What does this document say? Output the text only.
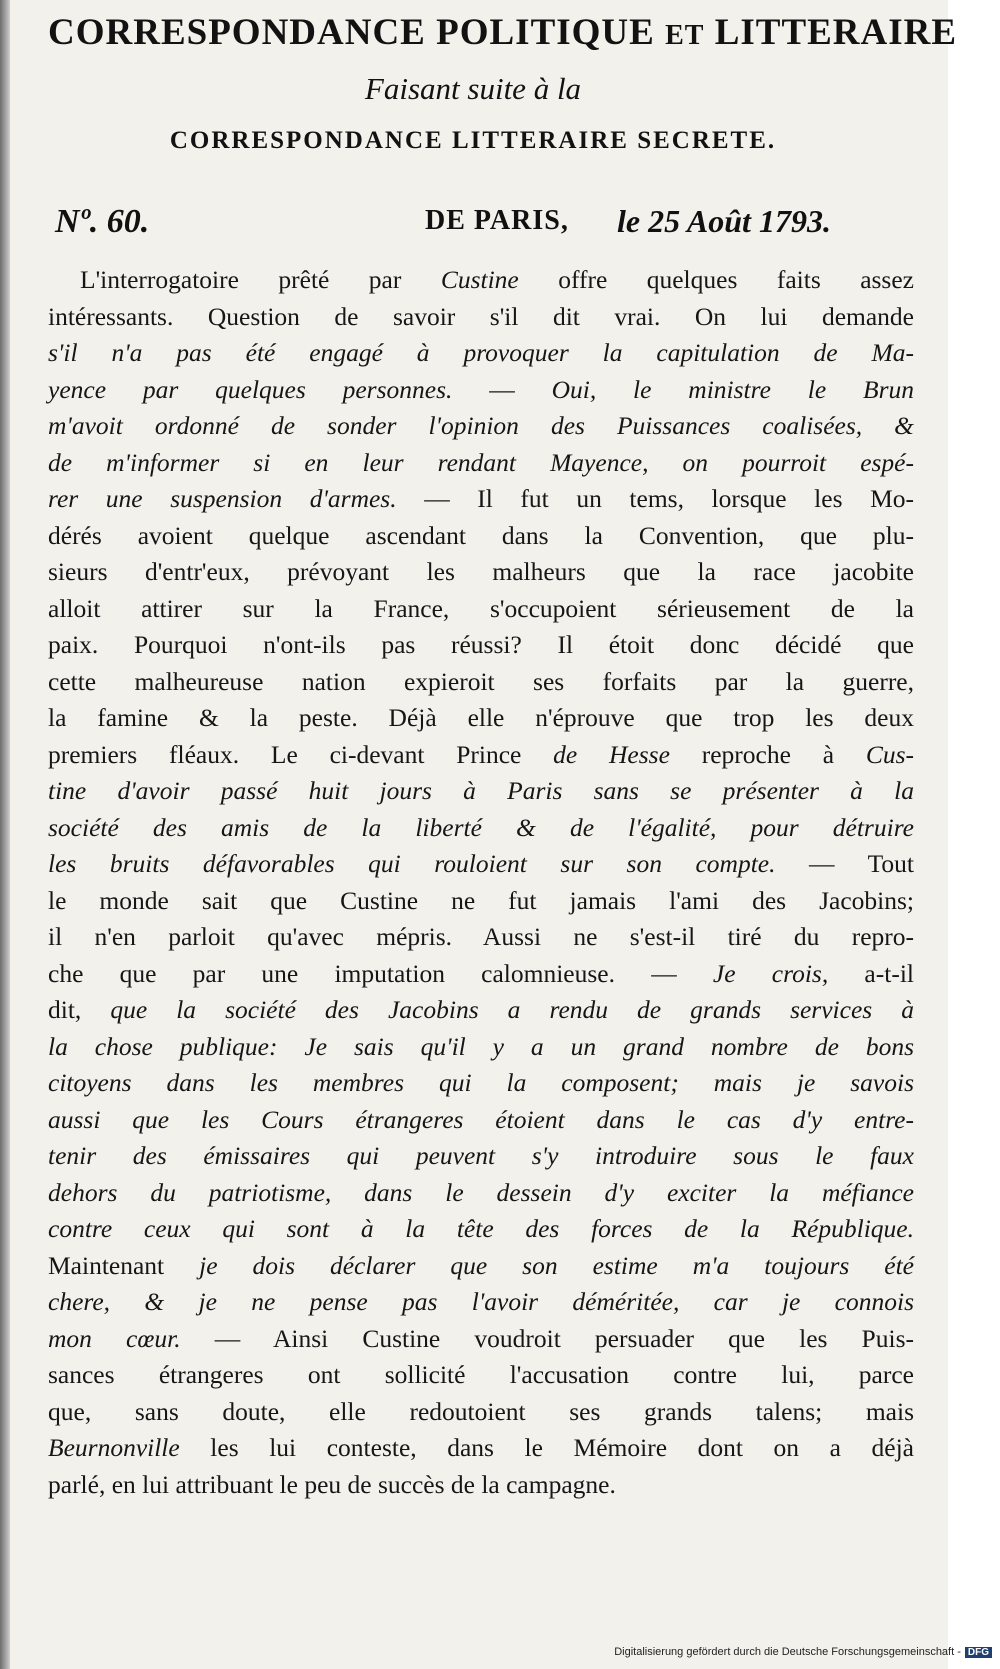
CORRESPONDANCE POLITIQUE ET LITTERAIRE
Faisant suite à la
CORRESPONDANCE LITTERAIRE SECRETE.
Nº. 60.	DE PARIS, le 25 Août 1793.
L'interrogatoire prêté par Custine offre quelques faits assez
intéressants. Question de savoir s'il dit vrai. On lui demande
s'il n'a pas été engagé à provoquer la capitulation de Ma-
yence par quelques personnes. — Oui, le ministre le Brun
m'avoit ordonné de sonder l'opinion des Puissances coalisées, &
de m'informer si en leur rendant Mayence, on pourroit espé-
rer une suspension d'armes. — Il fut un tems, lorsque les Mo-
dérés avoient quelque ascendant dans la Convention, que plu-
sieurs d'entr'eux, prévoyant les malheurs que la race jacobite
alloit attirer sur la France, s'occupoient sérieusement de la
paix. Pourquoi n'ont-ils pas réussi? Il étoit donc décidé que
cette malheureuse nation expieroit ses forfaits par la guerre,
la famine & la peste. Déjà elle n'éprouve que trop les deux
premiers fléaux. Le ci-devant Prince de Hesse reproche à Cus-
tine d'avoir passé huit jours à Paris sans se présenter à la
société des amis de la liberté & de l'égalité, pour détruire
les bruits défavorables qui rouloient sur son compte. — Tout
le monde sait que Custine ne fut jamais l'ami des Jacobins;
il n'en parloit qu'avec mépris. Aussi ne s'est-il tiré du repro-
che que par une imputation calomnieuse. — Je crois, a-t-il
dit, que la société des Jacobins a rendu de grands services à
la chose publique: Je sais qu'il y a un grand nombre de bons
citoyens dans les membres qui la composent; mais je savois
aussi que les Cours étrangeres étoient dans le cas d'y entre-
tenir des émissaires qui peuvent s'y introduire sous le faux
dehors du patriotisme, dans le dessein d'y exciter la méfiance
contre ceux qui sont à la tête des forces de la République.
Maintenant je dois déclarer que son estime m'a toujours été
chere, & je ne pense pas l'avoir déméritée, car je connois
mon cœur. — Ainsi Custine voudroit persuader que les Puis-
sances étrangeres ont sollicité l'accusation contre lui, parce
que, sans doute, elle redoutoient ses grands talens; mais
Beurnonville les lui conteste, dans le Mémoire dont on a déjà
parlé, en lui attribuant le peu de succès de la campagne.
Digitalisierung gefördert durch die Deutsche Forschungsgemeinschaft - DFG
